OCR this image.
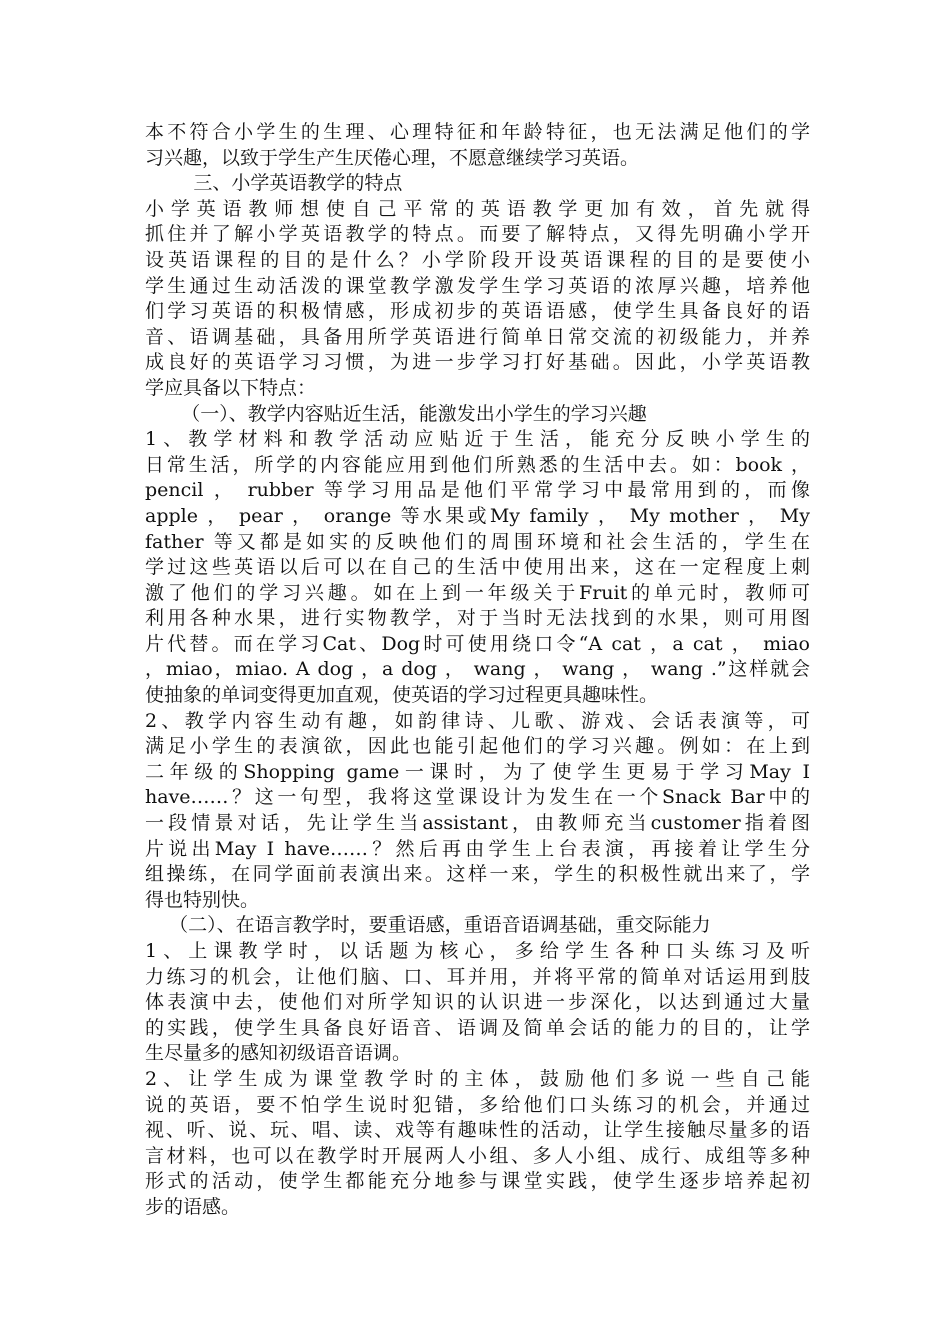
本不符合小学生的生理、心理特征和年龄特征，也无法满足他们的学
习兴趣，以致于学生产生厌倦心理，不愿意继续学习英语。
三、小学英语教学的特点
小学英语教师想使自己平常的英语教学更加有效，首先就得
抓住并了解小学英语教学的特点。而要了解特点，又得先明确小学开
设英语课程的目的是什么？小学阶段开设英语课程的目的是要使小
学生通过生动活泼的课堂教学激发学生学习英语的浓厚兴趣，培养他
们学习英语的积极情感，形成初步的英语语感，使学生具备良好的语
音、语调基础，具备用所学英语进行简单日常交流的初级能力，并养
成良好的英语学习习惯，为进一步学习打好基础。因此，小学英语教
学应具备以下特点：
（一）、教学内容贴近生活，能激发出小学生的学习兴趣
1、教学材料和教学活动应贴近于生活，能充分反映小学生的
日常生活，所学的内容能应用到他们所熟悉的生活中去。如：book ，
pencil ， rubber 等学习用品是他们平常学习中最常用到的，而像
apple ， pear ， orange 等水果或My family ， My mother ， My
father 等又都是如实的反映他们的周围环境和社会生活的，学生在
学过这些英语以后可以在自己的生活中使用出来，这在一定程度上刺
激了他们的学习兴趣。如在上到一年级关于Fruit的单元时，教师可
利用各种水果，进行实物教学，对于当时无法找到的水果，则可用图
片代替。而在学习Cat、Dog时可使用绕口令“A cat ，a cat ， miao
，miao，miao. A dog ，a dog ， wang ， wang ， wang .”这样就会
使抽象的单词变得更加直观，使英语的学习过程更具趣味性。
2、教学内容生动有趣，如韵律诗、儿歌、游戏、会话表演等，可
满足小学生的表演欲，因此也能引起他们的学习兴趣。例如：在上到
二年级的Shopping game一课时，为了使学生更易于学习May I
have……？这一句型，我将这堂课设计为发生在一个Snack Bar中的
一段情景对话，先让学生当assistant，由教师充当customer指着图
片说出May I have……？然后再由学生上台表演，再接着让学生分
组操练，在同学面前表演出来。这样一来，学生的积极性就出来了，学
得也特别快。
（二）、在语言教学时，要重语感，重语音语调基础，重交际能力
1、上课教学时，以话题为核心，多给学生各种口头练习及听
力练习的机会，让他们脑、口、耳并用，并将平常的简单对话运用到肢
体表演中去，使他们对所学知识的认识进一步深化，以达到通过大量
的实践，使学生具备良好语音、语调及简单会话的能力的目的，让学
生尽量多的感知初级语音语调。
2、让学生成为课堂教学时的主体，鼓励他们多说一些自己能
说的英语，要不怕学生说时犯错，多给他们口头练习的机会，并通过
视、听、说、玩、唱、读、戏等有趣味性的活动，让学生接触尽量多的语
言材料，也可以在教学时开展两人小组、多人小组、成行、成组等多种
形式的活动，使学生都能充分地参与课堂实践，使学生逐步培养起初
步的语感。
